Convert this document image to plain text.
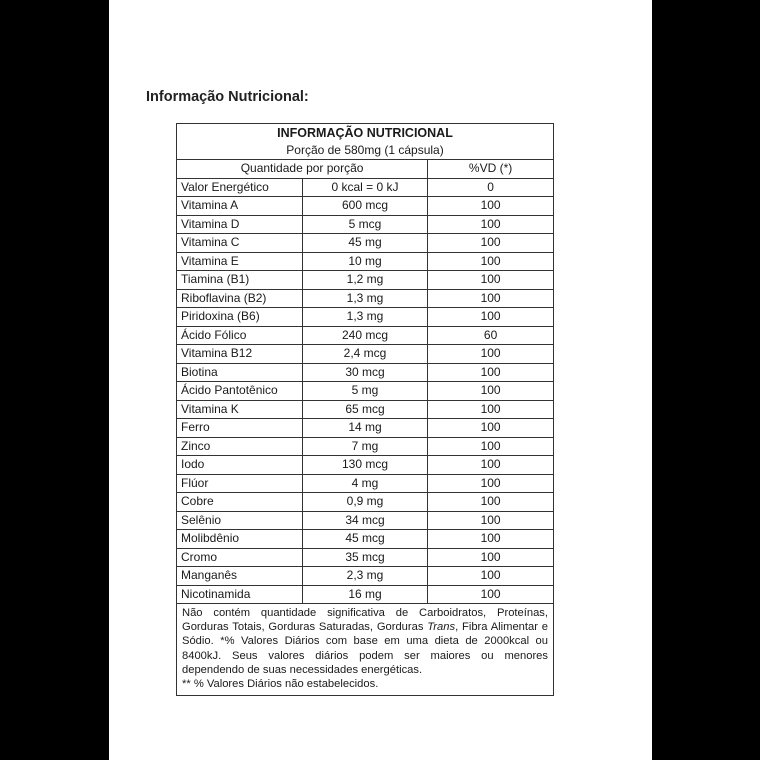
Informação Nutricional:
INFORMAÇÃO NUTRICIONAL
Porção de 580mg (1 cápsula)
Quantidade por porção		%VD (*)
Valor Energético	0 kcal = 0 kJ	0
Vitamina A	600 mcg	100
Vitamina D	5 mcg	100
Vitamina C	45 mg	100
Vitamina E	10 mg	100
Tiamina (B1)	1,2 mg	100
Riboflavina (B2)	1,3 mg	100
Piridoxina (B6)	1,3 mg	100
Ácido Fólico	240 mcg	60
Vitamina B12	2,4 mcg	100
Biotina	30 mcg	100
Ácido Pantotênico	5 mg	100
Vitamina K	65 mcg	100
Ferro	14 mg	100
Zinco	7 mg	100
Iodo	130 mcg	100
Flúor	4 mg	100
Cobre	0,9 mg	100
Selênio	34 mcg	100
Molibdênio	45 mcg	100
Cromo	35 mcg	100
Manganês	2,3 mg	100
Nicotinamida	16 mg	100
Não contém quantidade significativa de Carboidratos, Proteínas, Gorduras Totais, Gorduras Saturadas, Gorduras Trans, Fibra Alimentar e Sódio. *% Valores Diários com base em uma dieta de 2000kcal ou 8400kJ. Seus valores diários podem ser maiores ou menores dependendo de suas necessidades energéticas.
** % Valores Diários não estabelecidos.
